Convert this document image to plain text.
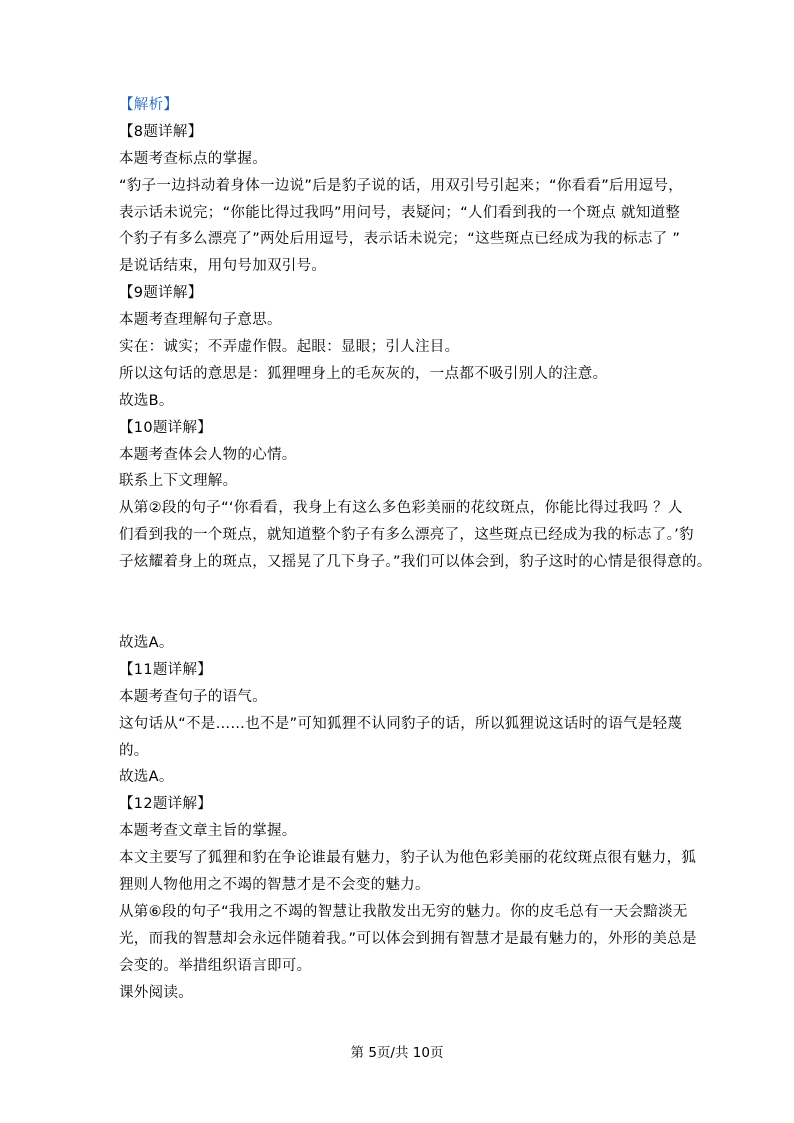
【解析】
【8题详解】
本题考查标点的掌握。
“豹子一边抖动着身体一边说”后是豹子说的话，用双引号引起来；“你看看”后用逗号，
表示话未说完；“你能比得过我吗”用问号，表疑问；“人们看到我的一个斑点 就知道整
个豹子有多么漂亮了”两处后用逗号，表示话未说完；“这些斑点已经成为我的标志了 ”
是说话结束，用句号加双引号。
【9题详解】
本题考查理解句子意思。
实在：诚实；不弄虚作假。起眼：显眼；引人注目。
所以这句话的意思是：狐狸哩身上的毛灰灰的，一点都不吸引别人的注意。
故选B。
【10题详解】
本题考查体会人物的心情。
联系上下文理解。
从第②段的句子“‘你看看，我身上有这么多色彩美丽的花纹斑点，你能比得过我吗 ？人
们看到我的一个斑点，就知道整个豹子有多么漂亮了，这些斑点已经成为我的标志了。’豹
子炫耀着身上的斑点，又摇晃了几下身子。”我们可以体会到，豹子这时的心情是很得意的。
故选A。
【11题详解】
本题考查句子的语气。
这句话从“不是……也不是”可知狐狸不认同豹子的话，所以狐狸说这话时的语气是轻蔑
的。
故选A。
【12题详解】
本题考查文章主旨的掌握。
本文主要写了狐狸和豹在争论谁最有魅力，豹子认为他色彩美丽的花纹斑点很有魅力，狐
狸则人物他用之不竭的智慧才是不会变的魅力。
从第⑥段的句子“我用之不竭的智慧让我散发出无穷的魅力。你的皮毛总有一天会黯淡无
光，而我的智慧却会永远伴随着我。”可以体会到拥有智慧才是最有魅力的，外形的美总是
会变的。举措组织语言即可。
课外阅读。
第 5页/共 10页
